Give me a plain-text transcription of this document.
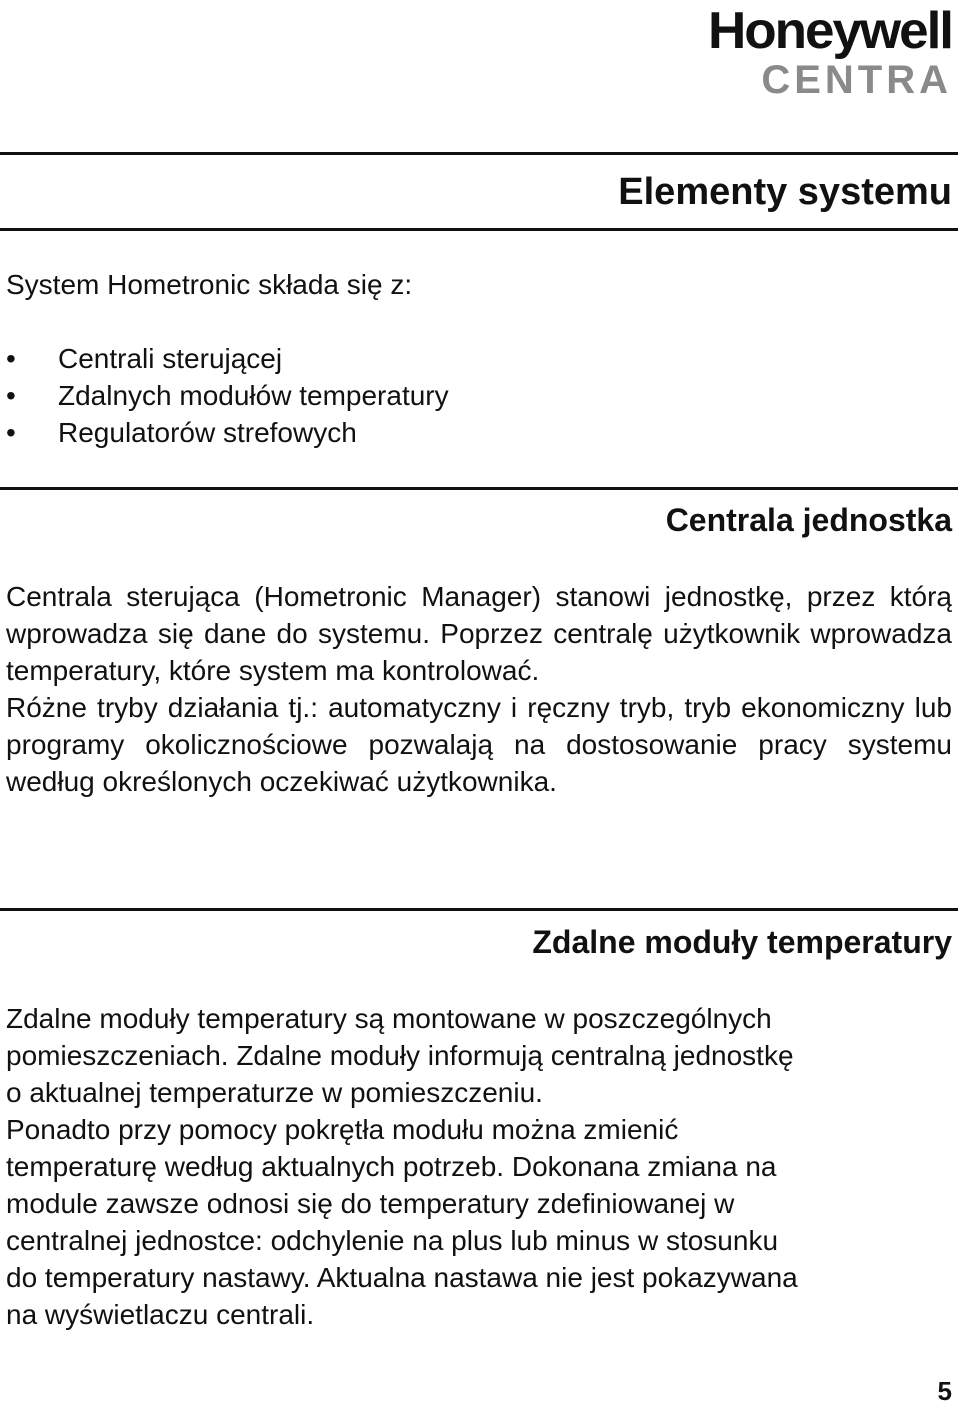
Honeywell
CENTRA
Elementy systemu
System Hometronic składa się z:
• Centrali sterującej
• Zdalnych modułów temperatury
• Regulatorów strefowych
Centrala jednostka

Centrala sterująca (Hometronic Manager) stanowi jednostkę, przez którą wprowadza się dane do systemu. Poprzez centralę użytkownik wprowadza temperatury, które system ma kontrolować.

Różne tryby działania tj.: automatyczny i ręczny tryb, tryb ekonomiczny lub programy okolicznościowe pozwalają na dostosowanie pracy systemu według określonych oczekiwać użytkownika.

Zdalne moduły temperatury
Zdalne moduły temperatury są montowane w poszczególnych
pomieszczeniach. Zdalne moduły informują centralną jednostkę
o aktualnej temperaturze w pomieszczeniu.
Ponadto przy pomocy pokrętła modułu można zmienić
temperaturę według aktualnych potrzeb. Dokonana zmiana na
module zawsze odnosi się do temperatury zdefiniowanej w
centralnej jednostce: odchylenie na plus lub minus w stosunku
do temperatury nastawy. Aktualna nastawa nie jest pokazywana
na wyświetlaczu centrali.
5
